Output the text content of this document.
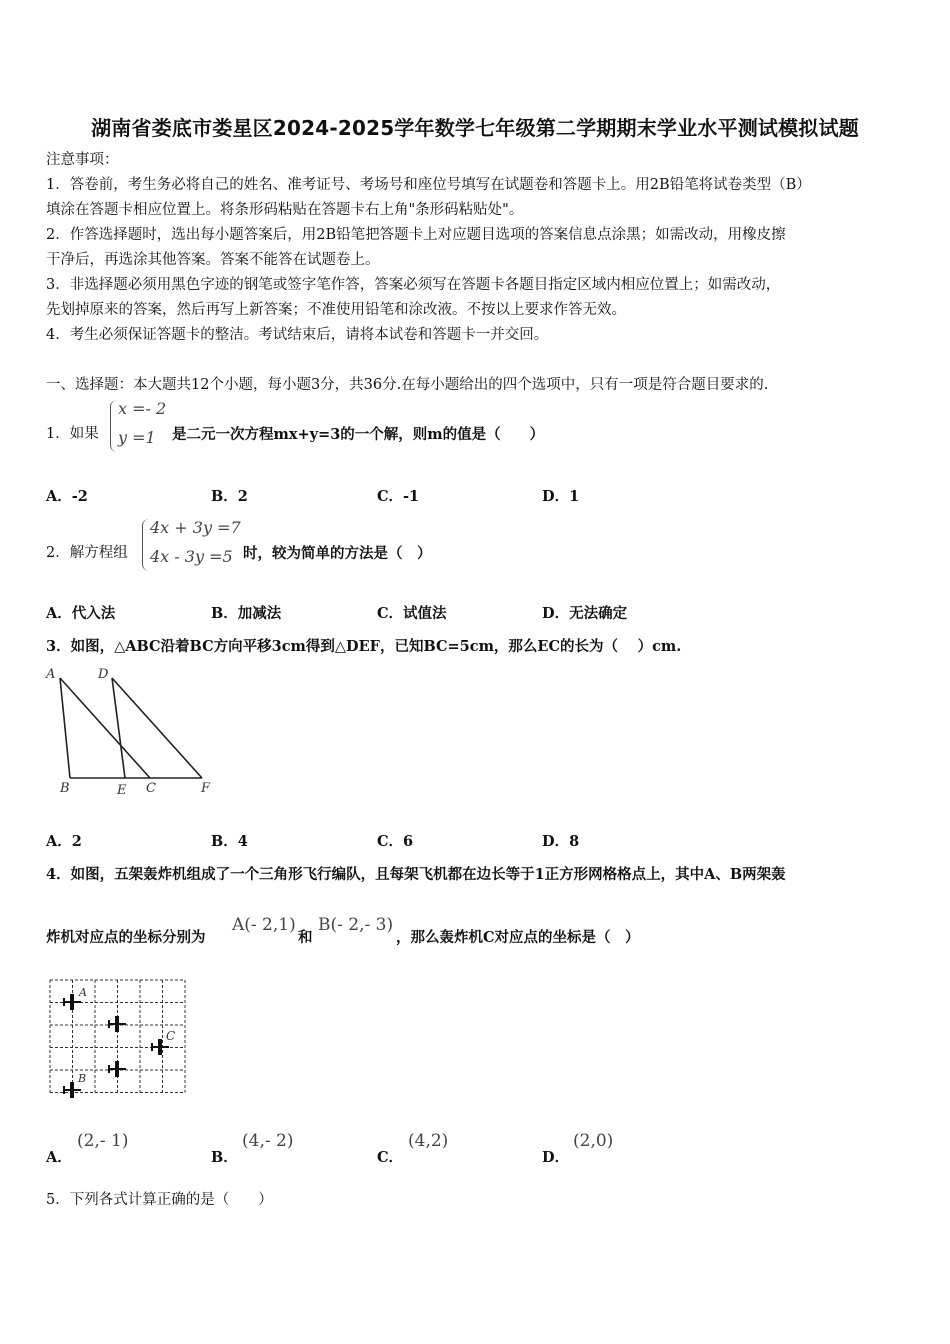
湖南省娄底市娄星区2024-2025学年数学七年级第二学期期末学业水平测试模拟试题
注意事项：
1．答卷前，考生务必将自己的姓名、准考证号、考场号和座位号填写在试题卷和答题卡上。用2B铅笔将试卷类型（B）
填涂在答题卡相应位置上。将条形码粘贴在答题卡右上角"条形码粘贴处"。
2．作答选择题时，选出每小题答案后，用2B铅笔把答题卡上对应题目选项的答案信息点涂黑；如需改动，用橡皮擦
干净后，再选涂其他答案。答案不能答在试题卷上。
3．非选择题必须用黑色字迹的钢笔或签字笔作答，答案必须写在答题卡各题目指定区域内相应位置上；如需改动，
先划掉原来的答案，然后再写上新答案；不准使用铅笔和涂改液。不按以上要求作答无效。
4．考生必须保证答题卡的整洁。考试结束后，请将本试卷和答题卡一并交回。
一、选择题：本大题共12个小题，每小题3分，共36分.在每小题给出的四个选项中，只有一项是符合题目要求的.
1．如果
x =- 2
y =1 是二元一次方程mx+y=3的一个解，则m的值是（　　）
A．-2	B．2	C．-1	D．1
2．解方程组
4x + 3y =7
4x - 3y =5 时，较为简单的方法是（　）
A．代入法	B．加减法	C．试值法	D．无法确定
3．如图，△ABC沿着BC方向平移3cm得到△DEF，已知BC=5cm，那么EC的长为（　 ）cm.
A	D
B	E C	F
A．2	B．4	C．6	D．8
4．如图，五架轰炸机组成了一个三角形飞行编队，且每架飞机都在边长等于1正方形网格格点上，其中A、B两架轰
炸机对应点的坐标分别为
A(- 2,1)
和
B(- 2,- 3)
，那么轰炸机C对应点的坐标是（　）
A
C
B
A．
(2,- 1)
B．
(4,- 2)
C．
(4,2)
D．
(2,0)
5．下列各式计算正确的是（　　）
